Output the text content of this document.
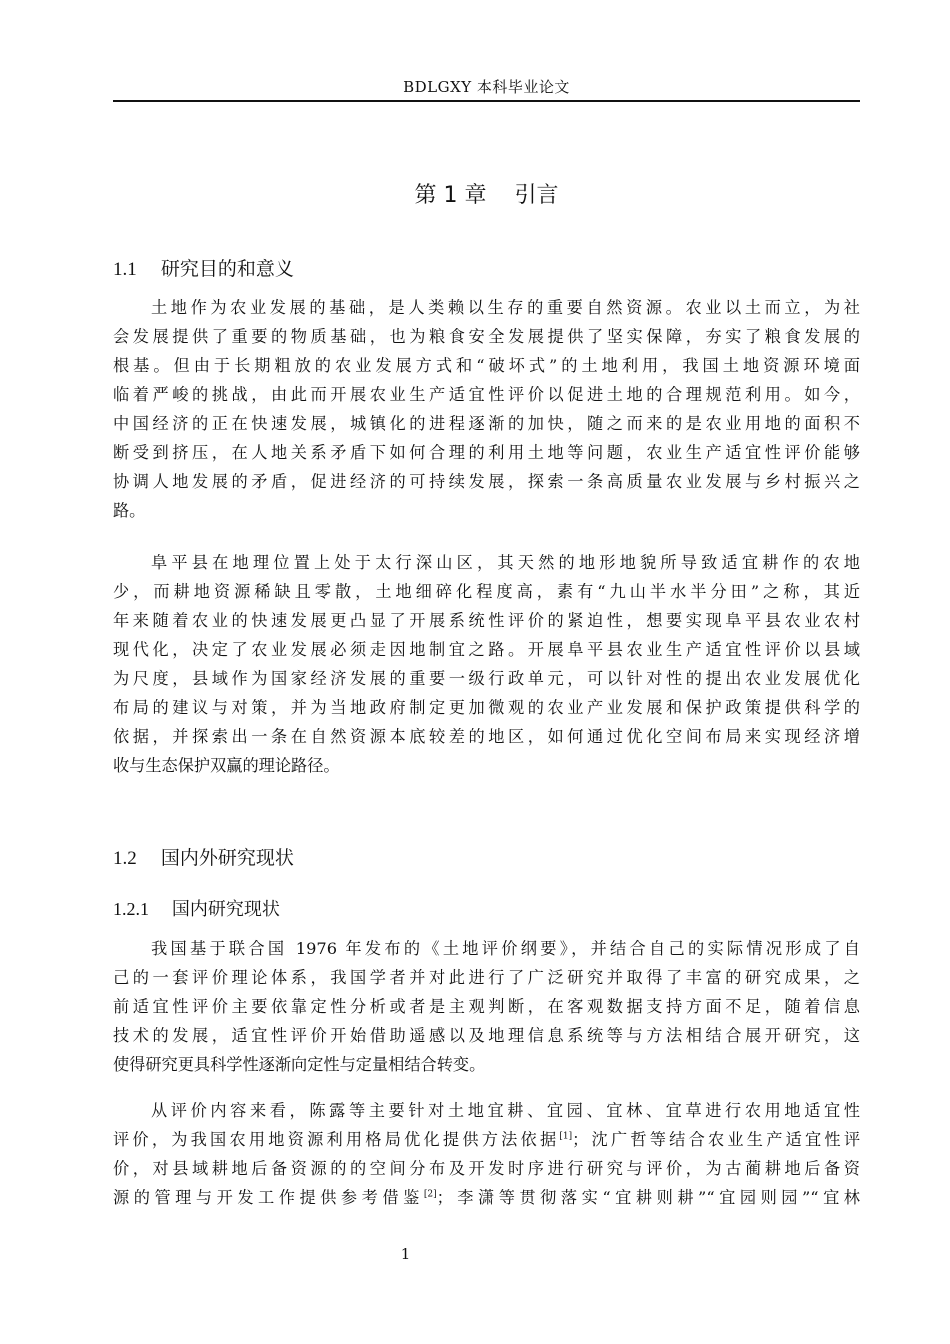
BDLGXY 本科毕业论文
第 1 章    引言
1.1 研究目的和意义
土地作为农业发展的基础，是人类赖以生存的重要自然资源。农业以土而立，为社
会发展提供了重要的物质基础，也为粮食安全发展提供了坚实保障，夯实了粮食发展的
根基。但由于长期粗放的农业发展方式和“破坏式”的土地利用，我国土地资源环境面
临着严峻的挑战，由此而开展农业生产适宜性评价以促进土地的合理规范利用。如今，
中国经济的正在快速发展，城镇化的进程逐渐的加快，随之而来的是农业用地的面积不
断受到挤压，在人地关系矛盾下如何合理的利用土地等问题，农业生产适宜性评价能够
协调人地发展的矛盾，促进经济的可持续发展，探索一条高质量农业发展与乡村振兴之
路。
阜平县在地理位置上处于太行深山区，其天然的地形地貌所导致适宜耕作的农地
少，而耕地资源稀缺且零散，土地细碎化程度高，素有“九山半水半分田”之称，其近
年来随着农业的快速发展更凸显了开展系统性评价的紧迫性，想要实现阜平县农业农村
现代化，决定了农业发展必须走因地制宜之路。开展阜平县农业生产适宜性评价以县域
为尺度，县域作为国家经济发展的重要一级行政单元，可以针对性的提出农业发展优化
布局的建议与对策，并为当地政府制定更加微观的农业产业发展和保护政策提供科学的
依据，并探索出一条在自然资源本底较差的地区，如何通过优化空间布局来实现经济增
收与生态保护双赢的理论路径。
1.2 国内外研究现状
1.2.1 国内研究现状
我国基于联合国 1976 年发布的《土地评价纲要》，并结合自己的实际情况形成了自
己的一套评价理论体系，我国学者并对此进行了广泛研究并取得了丰富的研究成果，之
前适宜性评价主要依靠定性分析或者是主观判断，在客观数据支持方面不足，随着信息
技术的发展，适宜性评价开始借助遥感以及地理信息系统等与方法相结合展开研究，这
使得研究更具科学性逐渐向定性与定量相结合转变。
从评价内容来看，陈露等主要针对土地宜耕、宜园、宜林、宜草进行农用地适宜性
评价，为我国农用地资源利用格局优化提供方法依据[1]；沈广哲等结合农业生产适宜性评
价，对县域耕地后备资源的的空间分布及开发时序进行研究与评价，为古蔺耕地后备资
源的管理与开发工作提供参考借鉴[2]；李潇等贯彻落实“宜耕则耕”“宜园则园”“宜林
1
